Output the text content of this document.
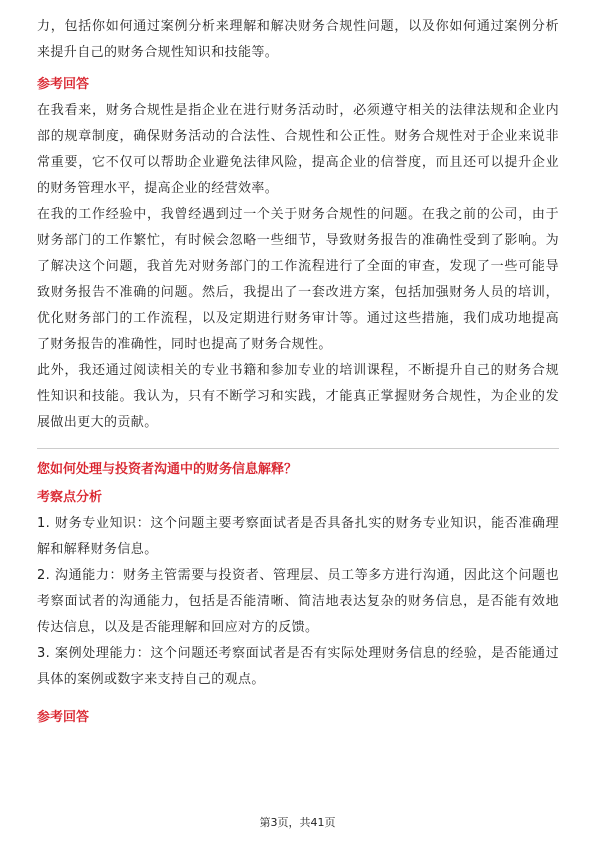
力，包括你如何通过案例分析来理解和解决财务合规性问题，以及你如何通过案例分析来提升自己的财务合规性知识和技能等。

参考回答

在我看来，财务合规性是指企业在进行财务活动时，必须遵守相关的法律法规和企业内部的规章制度，确保财务活动的合法性、合规性和公正性。财务合规性对于企业来说非常重要，它不仅可以帮助企业避免法律风险，提高企业的信誉度，而且还可以提升企业的财务管理水平，提高企业的经营效率。

在我的工作经验中，我曾经遇到过一个关于财务合规性的问题。在我之前的公司，由于财务部门的工作繁忙，有时候会忽略一些细节，导致财务报告的准确性受到了影响。为了解决这个问题，我首先对财务部门的工作流程进行了全面的审查，发现了一些可能导致财务报告不准确的问题。然后，我提出了一套改进方案，包括加强财务人员的培训，优化财务部门的工作流程，以及定期进行财务审计等。通过这些措施，我们成功地提高了财务报告的准确性，同时也提高了财务合规性。

此外，我还通过阅读相关的专业书籍和参加专业的培训课程，不断提升自己的财务合规性知识和技能。我认为，只有不断学习和实践，才能真正掌握财务合规性，为企业的发展做出更大的贡献。

您如何处理与投资者沟通中的财务信息解释？
考察点分析

1. 财务专业知识：这个问题主要考察面试者是否具备扎实的财务专业知识，能否准确理解和解释财务信息。

2. 沟通能力：财务主管需要与投资者、管理层、员工等多方进行沟通，因此这个问题也考察面试者的沟通能力，包括是否能清晰、简洁地表达复杂的财务信息，是否能有效地传达信息，以及是否能理解和回应对方的反馈。

3. 案例处理能力：这个问题还考察面试者是否有实际处理财务信息的经验，是否能通过具体的案例或数字来支持自己的观点。

参考回答
第3页，共41页
